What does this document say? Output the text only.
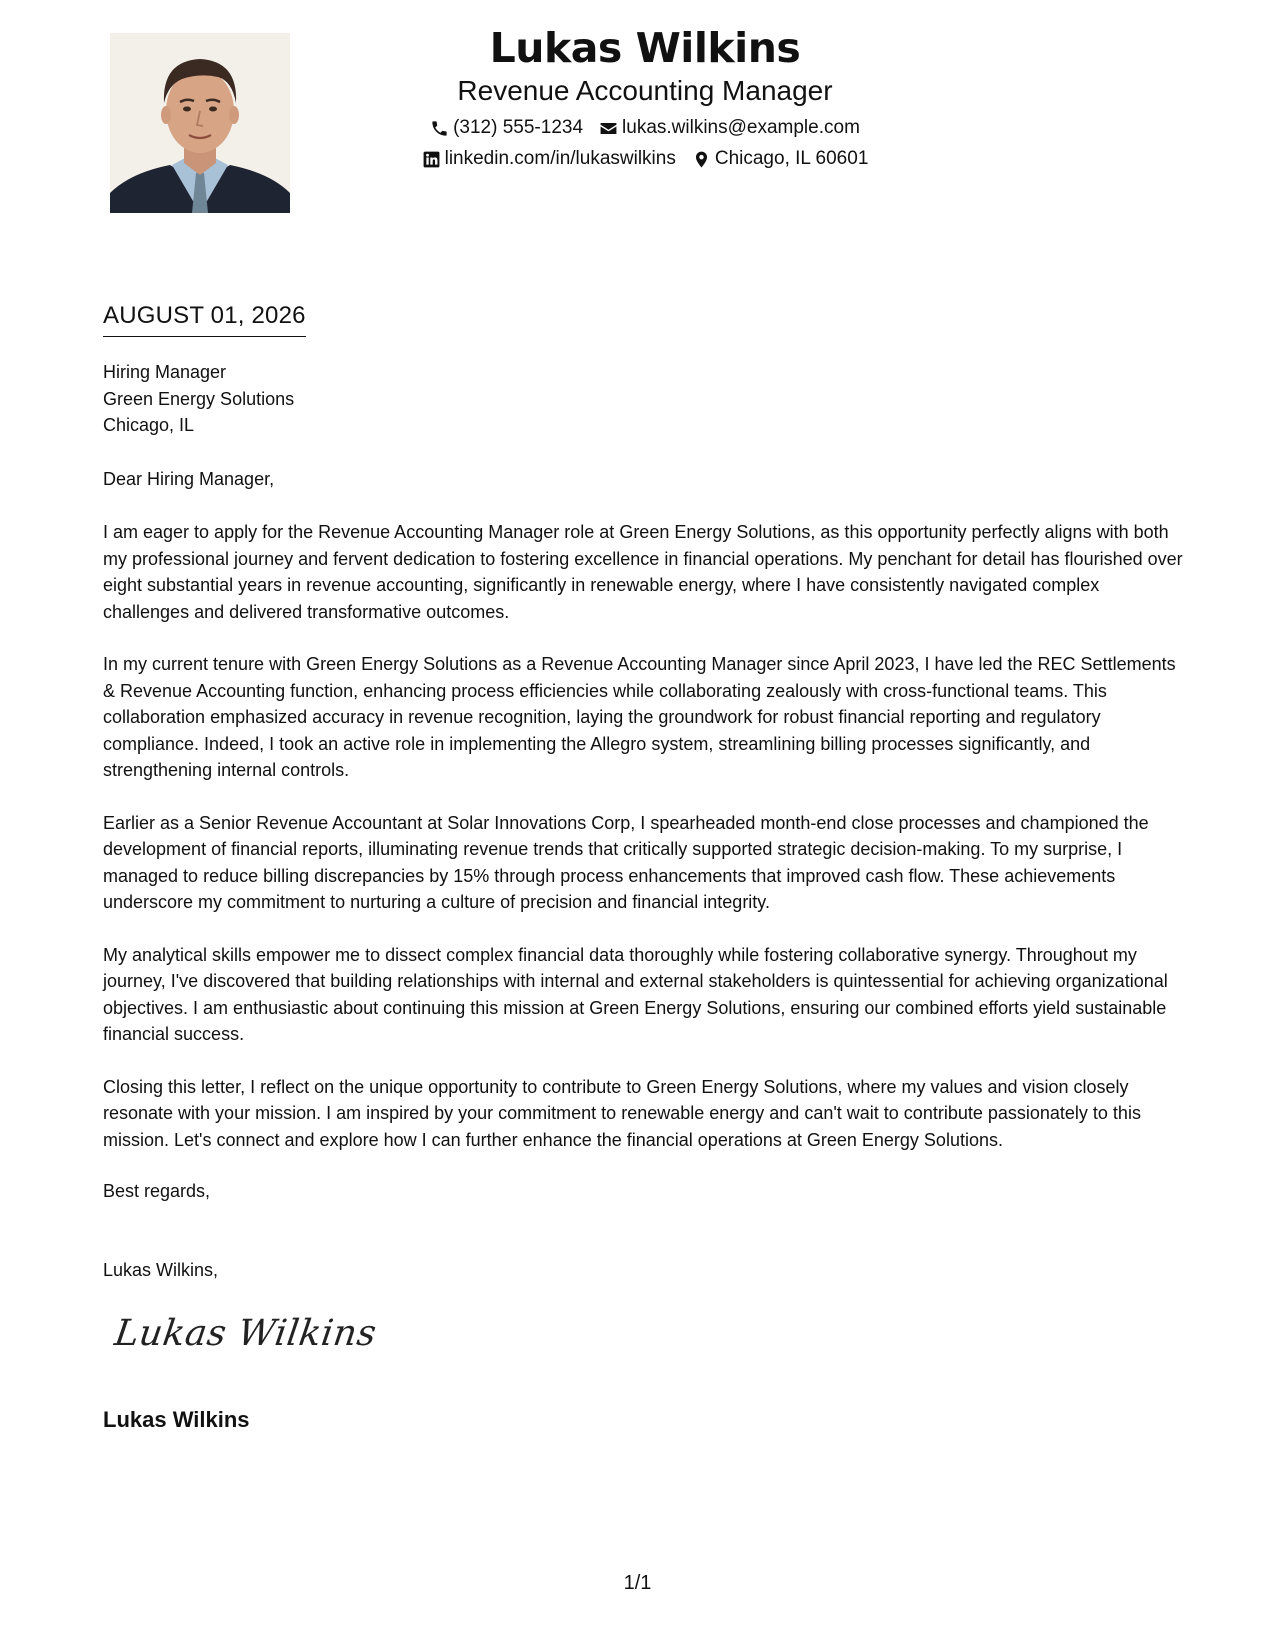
Lukas Wilkins
Revenue Accounting Manager
(312) 555-1234 lukas.wilkins@example.com
linkedin.com/in/lukaswilkins Chicago, IL 60601
AUGUST 01, 2026
Hiring Manager
Green Energy Solutions
Chicago, IL
Dear Hiring Manager,

I am eager to apply for the Revenue Accounting Manager role at Green Energy Solutions, as this opportunity perfectly aligns with both my professional journey and fervent dedication to fostering excellence in financial operations. My penchant for detail has flourished over eight substantial years in revenue accounting, significantly in renewable energy, where I have consistently navigated complex challenges and delivered transformative outcomes.

In my current tenure with Green Energy Solutions as a Revenue Accounting Manager since April 2023, I have led the REC Settlements & Revenue Accounting function, enhancing process efficiencies while collaborating zealously with cross-functional teams. This collaboration emphasized accuracy in revenue recognition, laying the groundwork for robust financial reporting and regulatory compliance. Indeed, I took an active role in implementing the Allegro system, streamlining billing processes significantly, and strengthening internal controls.

Earlier as a Senior Revenue Accountant at Solar Innovations Corp, I spearheaded month-end close processes and championed the development of financial reports, illuminating revenue trends that critically supported strategic decision-making. To my surprise, I managed to reduce billing discrepancies by 15% through process enhancements that improved cash flow. These achievements underscore my commitment to nurturing a culture of precision and financial integrity.

My analytical skills empower me to dissect complex financial data thoroughly while fostering collaborative synergy. Throughout my journey, I've discovered that building relationships with internal and external stakeholders is quintessential for achieving organizational objectives. I am enthusiastic about continuing this mission at Green Energy Solutions, ensuring our combined efforts yield sustainable financial success.

Closing this letter, I reflect on the unique opportunity to contribute to Green Energy Solutions, where my values and vision closely resonate with your mission. I am inspired by your commitment to renewable energy and can't wait to contribute passionately to this mission. Let's connect and explore how I can further enhance the financial operations at Green Energy Solutions.

Best regards,
Lukas Wilkins,
Lukas Wilkins
Lukas Wilkins
1/1
